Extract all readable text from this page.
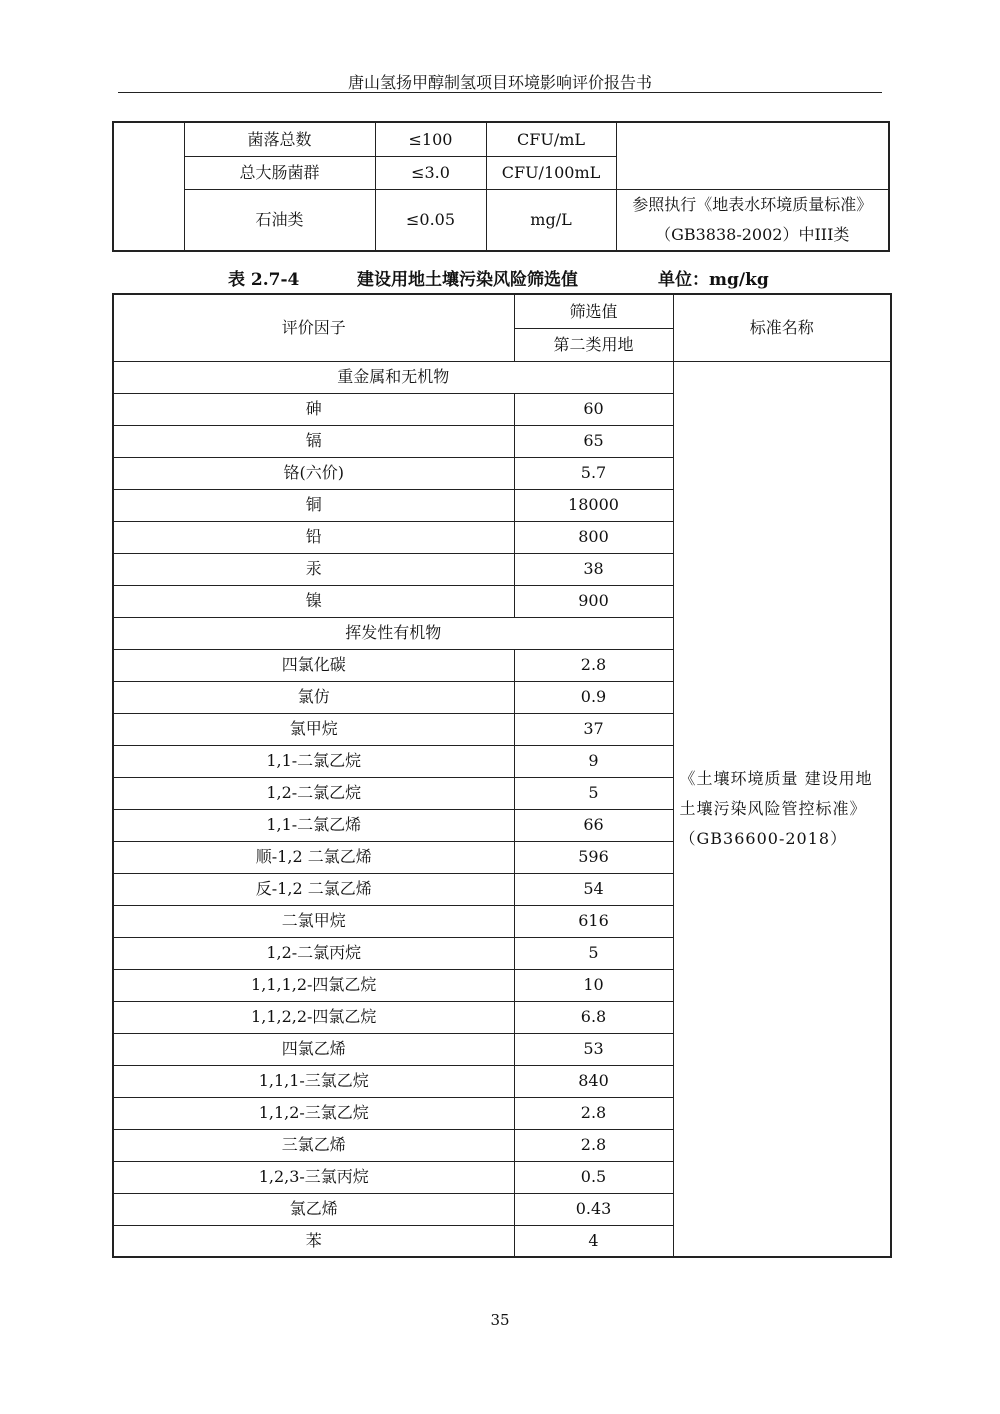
唐山氢扬甲醇制氢项目环境影响评价报告书
	菌落总数	≤100	CFU/mL	
	总大肠菌群	≤3.0	CFU/100mL	
	石油类	≤0.05	mg/L	参照执行《地表水环境质量标准》（GB3838-2002）中III类
表 2.7-4	建设用地土壤污染风险筛选值	单位：mg/kg
评价因子	筛选值	标准名称
	第二类用地	
重金属和无机物		《土壤环境质量 建设用地土壤污染风险管控标准》（GB36600-2018）
砷	60	
镉	65	
铬(六价)	5.7	
铜	18000	
铅	800	
汞	38	
镍	900	
挥发性有机物		
四氯化碳	2.8	
氯仿	0.9	
氯甲烷	37	
1,1-二氯乙烷	9	
1,2-二氯乙烷	5	
1,1-二氯乙烯	66	
顺-1,2 二氯乙烯	596	
反-1,2 二氯乙烯	54	
二氯甲烷	616	
1,2-二氯丙烷	5	
1,1,1,2-四氯乙烷	10	
1,1,2,2-四氯乙烷	6.8	
四氯乙烯	53	
1,1,1-三氯乙烷	840	
1,1,2-三氯乙烷	2.8	
三氯乙烯	2.8	
1,2,3-三氯丙烷	0.5	
氯乙烯	0.43	
苯	4	
35
